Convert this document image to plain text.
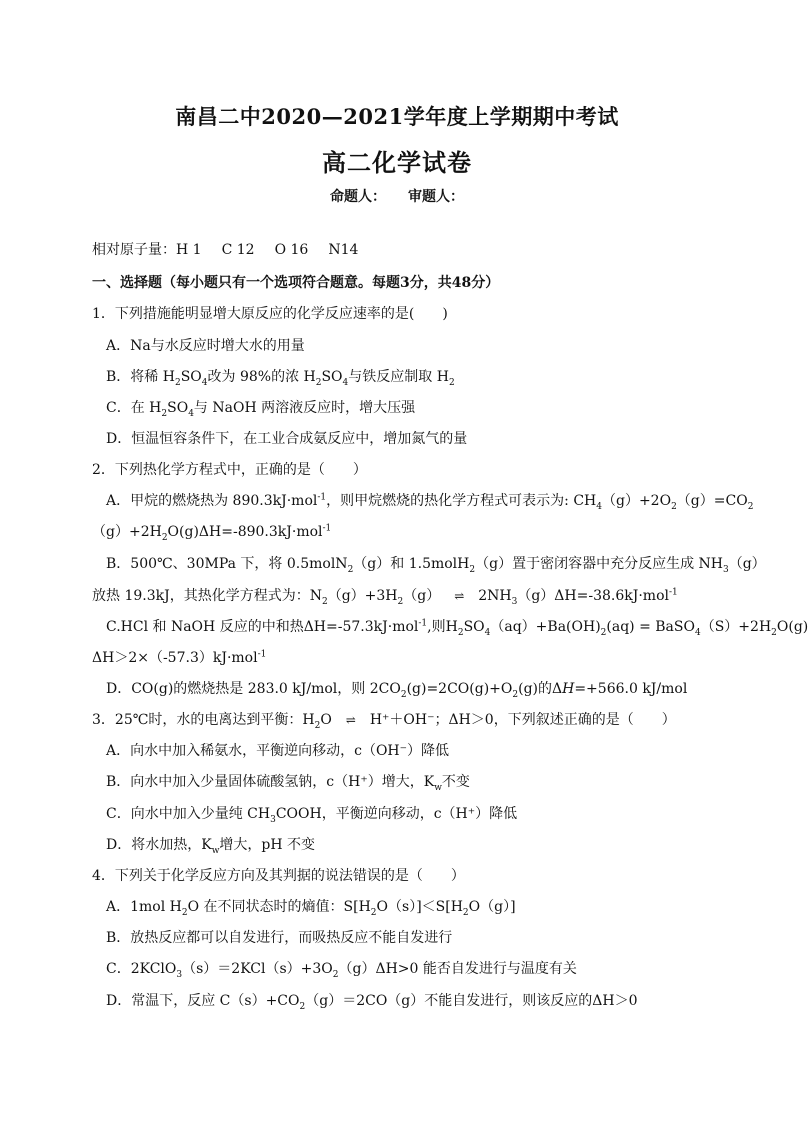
南昌二中2020—2021学年度上学期期中考试
高二化学试卷
命题人： 审题人：
相对原子量：H 1 C 12 O 16 N14
一、选择题（每小题只有一个选项符合题意。每题3分，共48分）
1．下列措施能明显增大原反应的化学反应速率的是(　　)
A．Na与水反应时增大水的用量
B．将稀 $H_2SO_4$改为 98%的浓 $H_2SO_4$与铁反应制取 $H_2$
C．在 $H_2SO_4$与 NaOH 两溶液反应时，增大压强
D．恒温恒容条件下，在工业合成氨反应中，增加氮气的量
2．下列热化学方程式中，正确的是（　　）
A．甲烷的燃烧热为 890.3kJ·mol$^{-1}$，则甲烷燃烧的热化学方程式可表示为: $CH_4(g)+2O_2(g)=CO_2$
$(g)+2H_2O(g)\Delta H=-890.3kJ\cdot mol^{-1}$
B．500℃、30MPa 下，将 0.5molN$_2$（g）和 1.5molH$_2$（g）置于密闭容器中充分反应生成 $NH_3(g)$
放热 19.3kJ，其热化学方程式为：$N_2(g)+3H_2(g)$ ⇌ $2NH_3(g)\Delta H=-38.6kJ\cdot mol^{-1}$
C.HCl 和 NaOH 反应的中和热ΔH=-57.3kJ·mol$^{-1}$,则$H_2SO_4(aq)+Ba(OH)_2(aq)$ = $BaSO_4(S)+2H_2O(g)$
ΔH＞2×（-57.3）kJ·mol$^{-1}$
D．CO(g)的燃烧热是 283.0 kJ/mol，则 $2CO_2(g)=2CO(g)+O_2(g)$的ΔH=+566.0 kJ/mol
3．25℃时，水的电离达到平衡：$H_2O$ ⇌ H⁺＋OH⁻；ΔH＞0，下列叙述正确的是（　　）
A．向水中加入稀氨水，平衡逆向移动，c（OH⁻）降低
B．向水中加入少量固体硫酸氢钠，c（H⁺）增大，$K_w$不变
C．向水中加入少量纯 $CH_3COOH$，平衡逆向移动，c（H⁺）降低
D．将水加热，$K_w$增大，pH 不变
4．下列关于化学反应方向及其判据的说法错误的是（　　）
A．1mol $H_2O$ 在不同状态时的熵值：$S[H_2O(s)]<S[H_2O(g)]$
B．放热反应都可以自发进行，而吸热反应不能自发进行
C．$2KClO_3(s)=2KCl(s)+3O_2(g)\Delta H>0$ 能否自发进行与温度有关
D．常温下，反应 $C(s)+CO_2(g)=2CO(g)$不能自发进行，则该反应的ΔH＞0
